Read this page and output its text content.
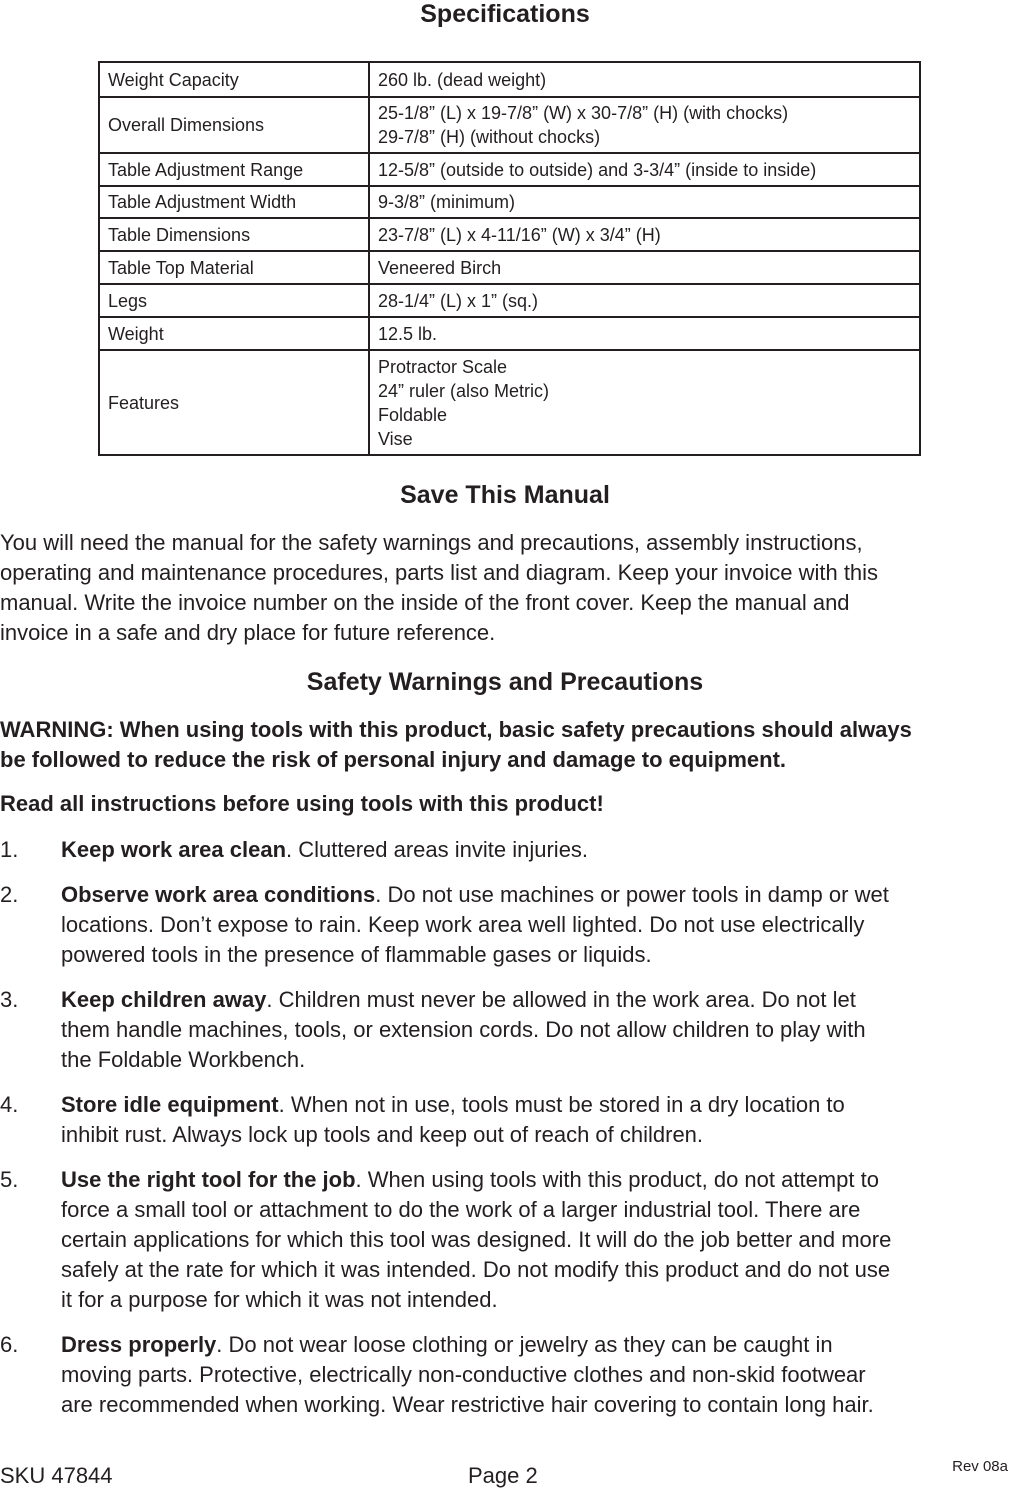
Specifications
Weight Capacity	260 lb. (dead weight)

Overall Dimensions	25-1/8” (L) x 19-7/8” (W) x 30-7/8” (H) (with chocks)
29-7/8” (H) (without chocks)

Table Adjustment Range	12-5/8” (outside to outside) and 3-3/4” (inside to inside)

Table Adjustment Width	9-3/8” (minimum)

Table Dimensions	23-7/8” (L) x 4-11/16” (W) x 3/4” (H)

Table Top Material	Veneered Birch

Legs	28-1/4” (L) x 1” (sq.)

Weight	12.5 lb.

Features	Protractor Scale
24” ruler (also Metric)
Foldable
Vise
Save This Manual
You will need the manual for the safety warnings and precautions, assembly instructions,
operating and maintenance procedures, parts list and diagram. Keep your invoice with this
manual. Write the invoice number on the inside of the front cover. Keep the manual and
invoice in a safe and dry place for future reference.
Safety Warnings and Precautions
WARNING: When using tools with this product, basic safety precautions should always
be followed to reduce the risk of personal injury and damage to equipment.
Read all instructions before using tools with this product!
1. Keep work area clean. Cluttered areas invite injuries.
2. Observe work area conditions. Do not use machines or power tools in damp or wet
locations. Don’t expose to rain. Keep work area well lighted. Do not use electrically
powered tools in the presence of flammable gases or liquids.
3. Keep children away. Children must never be allowed in the work area. Do not let
them handle machines, tools, or extension cords. Do not allow children to play with
the Foldable Workbench.
4. Store idle equipment. When not in use, tools must be stored in a dry location to
inhibit rust. Always lock up tools and keep out of reach of children.
5. Use the right tool for the job. When using tools with this product, do not attempt to
force a small tool or attachment to do the work of a larger industrial tool. There are
certain applications for which this tool was designed. It will do the job better and more
safely at the rate for which it was intended. Do not modify this product and do not use
it for a purpose for which it was not intended.
6. Dress properly. Do not wear loose clothing or jewelry as they can be caught in
moving parts. Protective, electrically non-conductive clothes and non-skid footwear
are recommended when working. Wear restrictive hair covering to contain long hair.
SKU 47844	Page 2	Rev 08a
